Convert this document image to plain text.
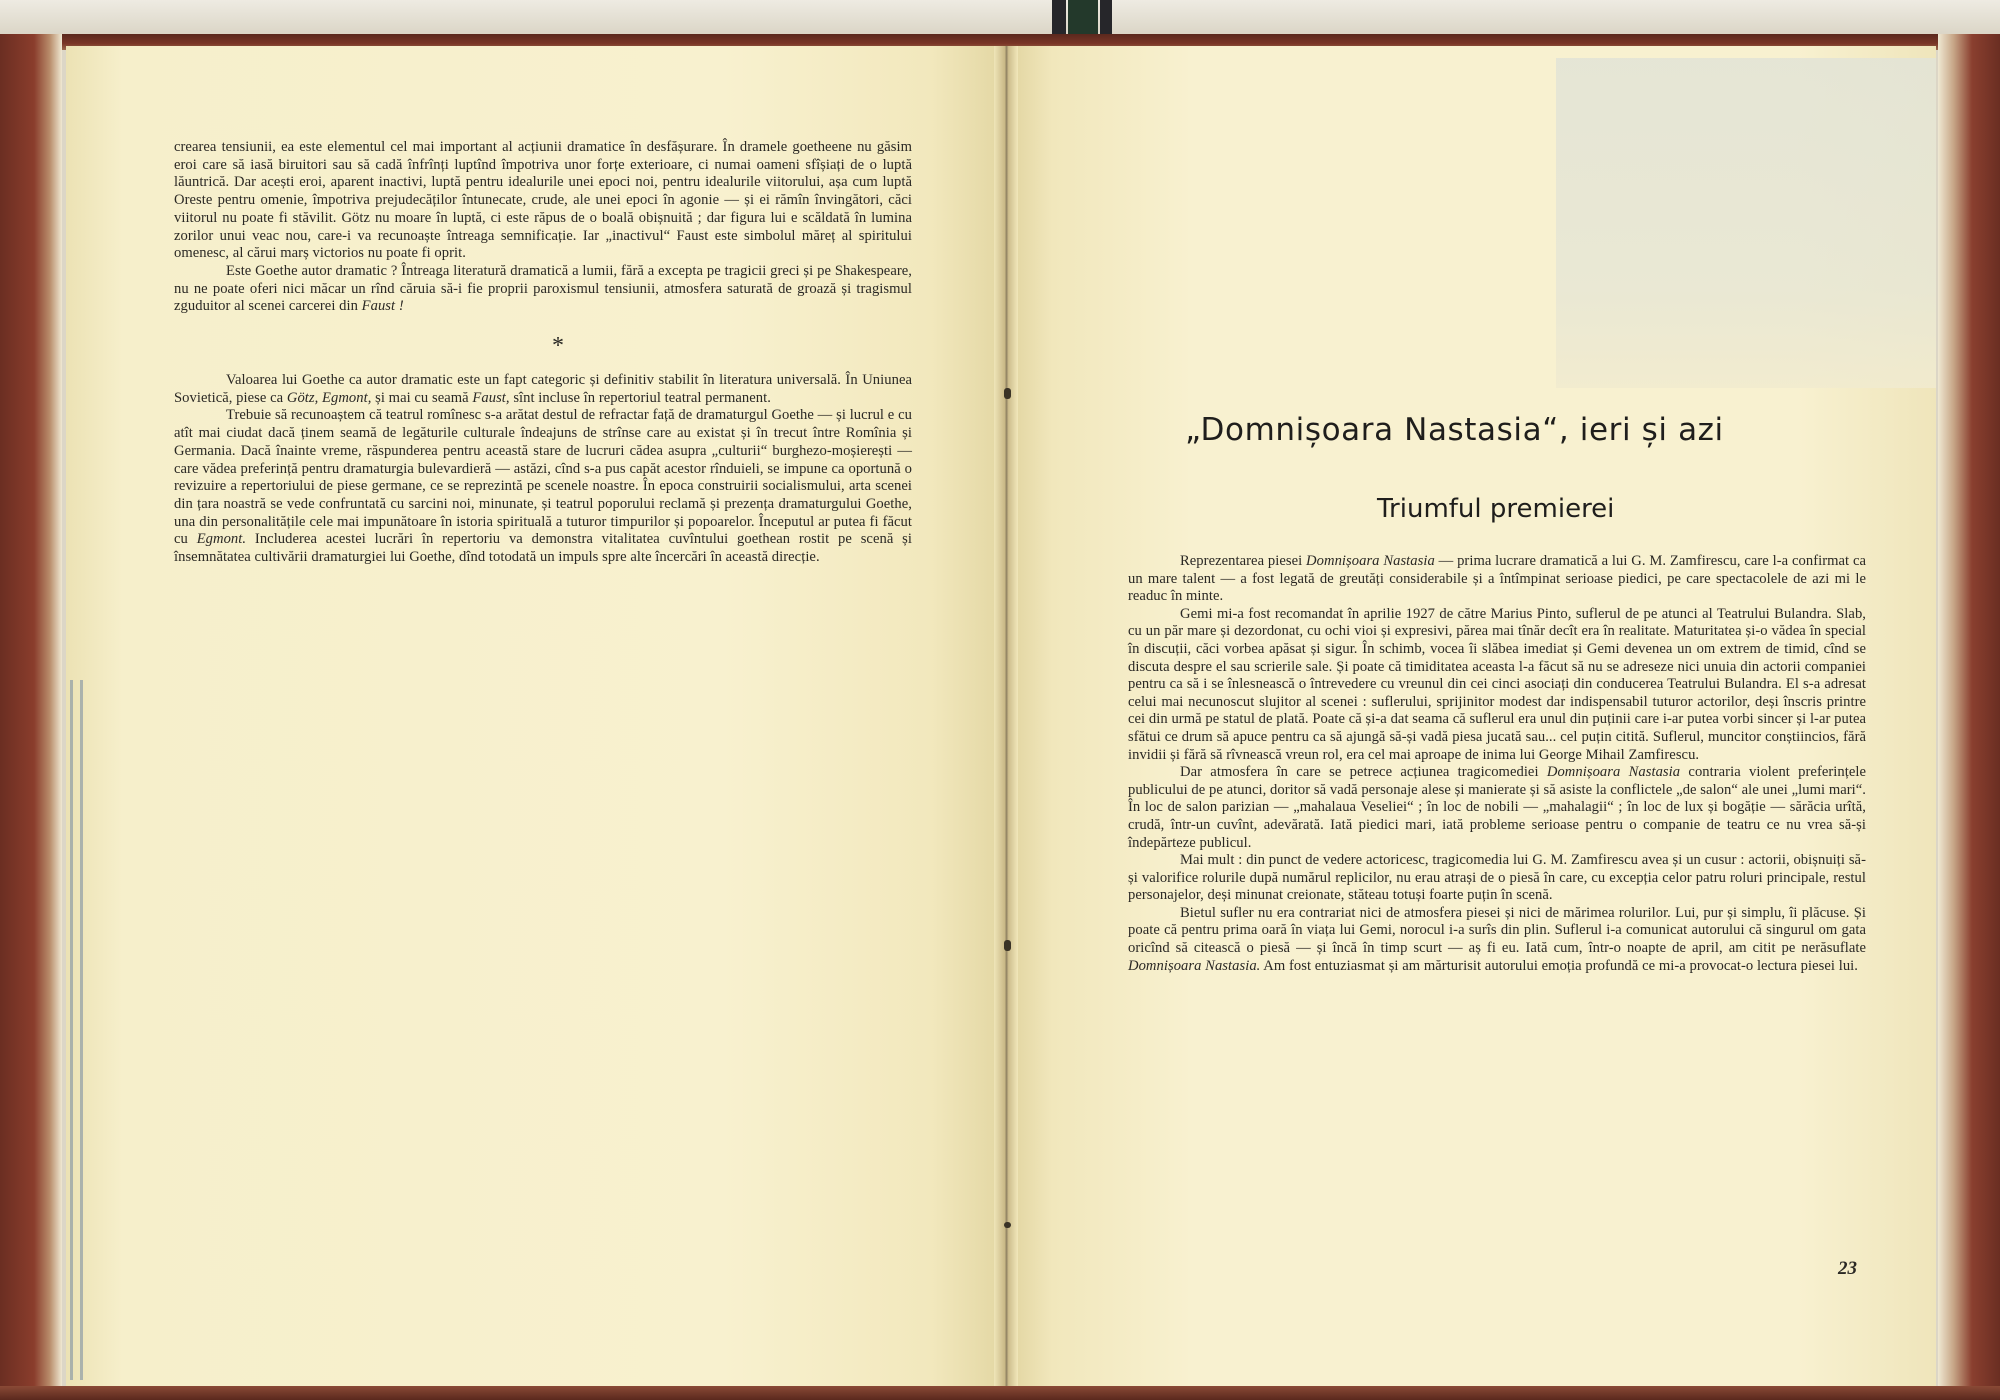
crearea tensiunii, ea este elementul cel mai important al acțiunii dramatice în desfășurare. În dramele goetheene nu găsim eroi care să iasă biruitori sau să cadă înfrînți luptînd împotriva unor forțe exterioare, ci numai oameni sfîșiați de o luptă lăuntrică. Dar acești eroi, aparent inactivi, luptă pentru idealurile unei epoci noi, pentru idealurile viitorului, așa cum luptă Oreste pentru omenie, împotriva prejudecăților întunecate, crude, ale unei epoci în agonie — și ei rămîn învingători, căci viitorul nu poate fi stăvilit. Götz nu moare în luptă, ci este răpus de o boală obișnuită ; dar figura lui e scăldată în lumina zorilor unui veac nou, care-i va recunoaște întreaga semnificație. Iar „inactivul“ Faust este simbolul măreț al spiritului omenesc, al cărui marș victorios nu poate fi oprit.

Este Goethe autor dramatic ? Întreaga literatură dramatică a lumii, fără a excepta pe tragicii greci și pe Shakespeare, nu ne poate oferi nici măcar un rînd căruia să-i fie proprii paroxismul tensiunii, atmosfera saturată de groază și tragismul zguduitor al scenei carcerei din Faust !

*

Valoarea lui Goethe ca autor dramatic este un fapt categoric și definitiv stabilit în literatura universală. În Uniunea Sovietică, piese ca Götz, Egmont, și mai cu seamă Faust, sînt incluse în repertoriul teatral permanent.

Trebuie să recunoaștem că teatrul romînesc s-a arătat destul de refractar față de dramaturgul Goethe — și lucrul e cu atît mai ciudat dacă ținem seamă de legăturile culturale îndeajuns de strînse care au existat și în trecut între Romînia și Germania. Dacă înainte vreme, răspunderea pentru această stare de lucruri cădea asupra „culturii“ burghezo-moșierești — care vădea preferință pentru dramaturgia bulevardieră — astăzi, cînd s-a pus capăt acestor rînduieli, se impune ca oportună o revizuire a repertoriului de piese germane, ce se reprezintă pe scenele noastre. În epoca construirii socialismului, arta scenei din țara noastră se vede confruntată cu sarcini noi, minunate, și teatrul poporului reclamă și prezența dramaturgului Goethe, una din personalitățile cele mai impunătoare în istoria spirituală a tuturor timpurilor și popoarelor. Începutul ar putea fi făcut cu Egmont. Includerea acestei lucrări în repertoriu va demonstra vitalitatea cuvîntului goethean rostit pe scenă și însemnătatea cultivării dramaturgiei lui Goethe, dînd totodată un impuls spre alte încercări în această direcție.

„Domnișoara Nastasia“, ieri și azi
Triumful premierei

Reprezentarea piesei Domnișoara Nastasia — prima lucrare dramatică a lui G. M. Zamfirescu, care l-a confirmat ca un mare talent — a fost legată de greutăți considerabile și a întîmpinat serioase piedici, pe care spectacolele de azi mi le readuc în minte.

Gemi mi-a fost recomandat în aprilie 1927 de către Marius Pinto, suflerul de pe atunci al Teatrului Bulandra. Slab, cu un păr mare și dezordonat, cu ochi vioi și expresivi, părea mai tînăr decît era în realitate. Maturitatea și-o vădea în special în discuții, căci vorbea apăsat și sigur. În schimb, vocea îi slăbea imediat și Gemi devenea un om extrem de timid, cînd se discuta despre el sau scrierile sale. Și poate că timiditatea aceasta l-a făcut să nu se adreseze nici unuia din actorii companiei pentru ca să i se înlesnească o întrevedere cu vreunul din cei cinci asociați din conducerea Teatrului Bulandra. El s-a adresat celui mai necunoscut slujitor al scenei : suflerului, sprijinitor modest dar indispensabil tuturor actorilor, deși înscris printre cei din urmă pe statul de plată. Poate că și-a dat seama că suflerul era unul din puținii care i-ar putea vorbi sincer și l-ar putea sfătui ce drum să apuce pentru ca să ajungă să-și vadă piesa jucată sau... cel puțin citită. Suflerul, muncitor conștiincios, fără invidii și fără să rîvnească vreun rol, era cel mai aproape de inima lui George Mihail Zamfirescu.

Dar atmosfera în care se petrece acțiunea tragicomediei Domnișoara Nastasia contraria violent preferințele publicului de pe atunci, doritor să vadă personaje alese și manierate și să asiste la conflictele „de salon“ ale unei „lumi mari“. În loc de salon parizian — „mahalaua Veseliei“ ; în loc de nobili — „mahalagii“ ; în loc de lux și bogăție — sărăcia urîtă, crudă, într-un cuvînt, adevărată. Iată piedici mari, iată probleme serioase pentru o companie de teatru ce nu vrea să-și îndepărteze publicul.

Mai mult : din punct de vedere actoricesc, tragicomedia lui G. M. Zamfirescu avea și un cusur : actorii, obișnuiți să-și valorifice rolurile după numărul replicilor, nu erau atrași de o piesă în care, cu excepția celor patru roluri principale, restul personajelor, deși minunat creionate, stăteau totuși foarte puțin în scenă.

Bietul sufler nu era contrariat nici de atmosfera piesei și nici de mărimea rolurilor. Lui, pur și simplu, îi plăcuse. Și poate că pentru prima oară în viața lui Gemi, norocul i-a surîs din plin. Suflerul i-a comunicat autorului că singurul om gata oricînd să citească o piesă — și încă în timp scurt — aș fi eu. Iată cum, într-o noapte de april, am citit pe nerăsuflate Domnișoara Nastasia. Am fost entuziasmat și am mărturisit autorului emoția profundă ce mi-a provocat-o lectura piesei lui.

23
